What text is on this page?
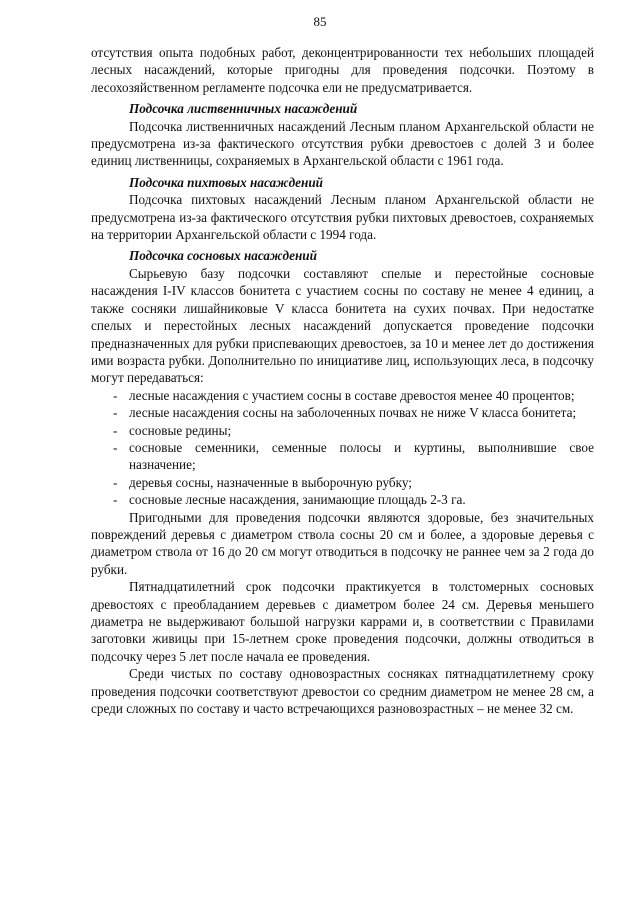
85

отсутствия опыта подобных работ, деконцентрированности тех небольших площадей лесных насаждений, которые пригодны для проведения подсочки. Поэтому в лесохозяйственном регламенте подсочка ели не предусматривается.

Подсочка лиственничных насаждений

Подсочка лиственничных насаждений Лесным планом Архангельской области не предусмотрена из-за фактического отсутствия рубки древостоев с долей 3 и более единиц лиственницы, сохраняемых в Архангельской области с 1961 года.

Подсочка пихтовых насаждений

Подсочка пихтовых насаждений Лесным планом Архангельской области не предусмотрена из-за фактического отсутствия рубки пихтовых древостоев, сохраняемых на территории Архангельской области с 1994 года.

Подсочка сосновых насаждений

Сырьевую базу подсочки составляют спелые и перестойные сосновые насаждения I-IV классов бонитета с участием сосны по составу не менее 4 единиц, а также сосняки лишайниковые V класса бонитета на сухих почвах. При недостатке спелых и перестойных лесных насаждений допускается проведение подсочки предназначенных для рубки приспевающих древостоев, за 10 и менее лет до достижения ими возраста рубки. Дополнительно по инициативе лиц, использующих леса, в подсочку могут передаваться:

- лесные насаждения с участием сосны в составе древостоя менее 40 процентов;
- лесные насаждения сосны на заболоченных почвах не ниже V класса бонитета;
- сосновые редины;
- сосновые семенники, семенные полосы и куртины, выполнившие свое назначение;
- деревья сосны, назначенные в выборочную рубку;
- сосновые лесные насаждения, занимающие площадь 2-3 га.

Пригодными для проведения подсочки являются здоровые, без значительных повреждений деревья с диаметром ствола сосны 20 см и более, а здоровые деревья с диаметром ствола от 16 до 20 см могут отводиться в подсочку не раннее чем за 2 года до рубки.

Пятнадцатилетний срок подсочки практикуется в толстомерных сосновых древостоях с преобладанием деревьев с диаметром более 24 см. Деревья меньшего диаметра не выдерживают большой нагрузки каррами и, в соответствии с Правилами заготовки живицы при 15-летнем сроке проведения подсочки, должны отводиться в подсочку через 5 лет после начала ее проведения.

Среди чистых по составу одновозрастных сосняках пятнадцатилетнему сроку проведения подсочки соответствуют древостои со средним диаметром не менее 28 см, а среди сложных по составу и часто встречающихся разновозрастных – не менее 32 см.
